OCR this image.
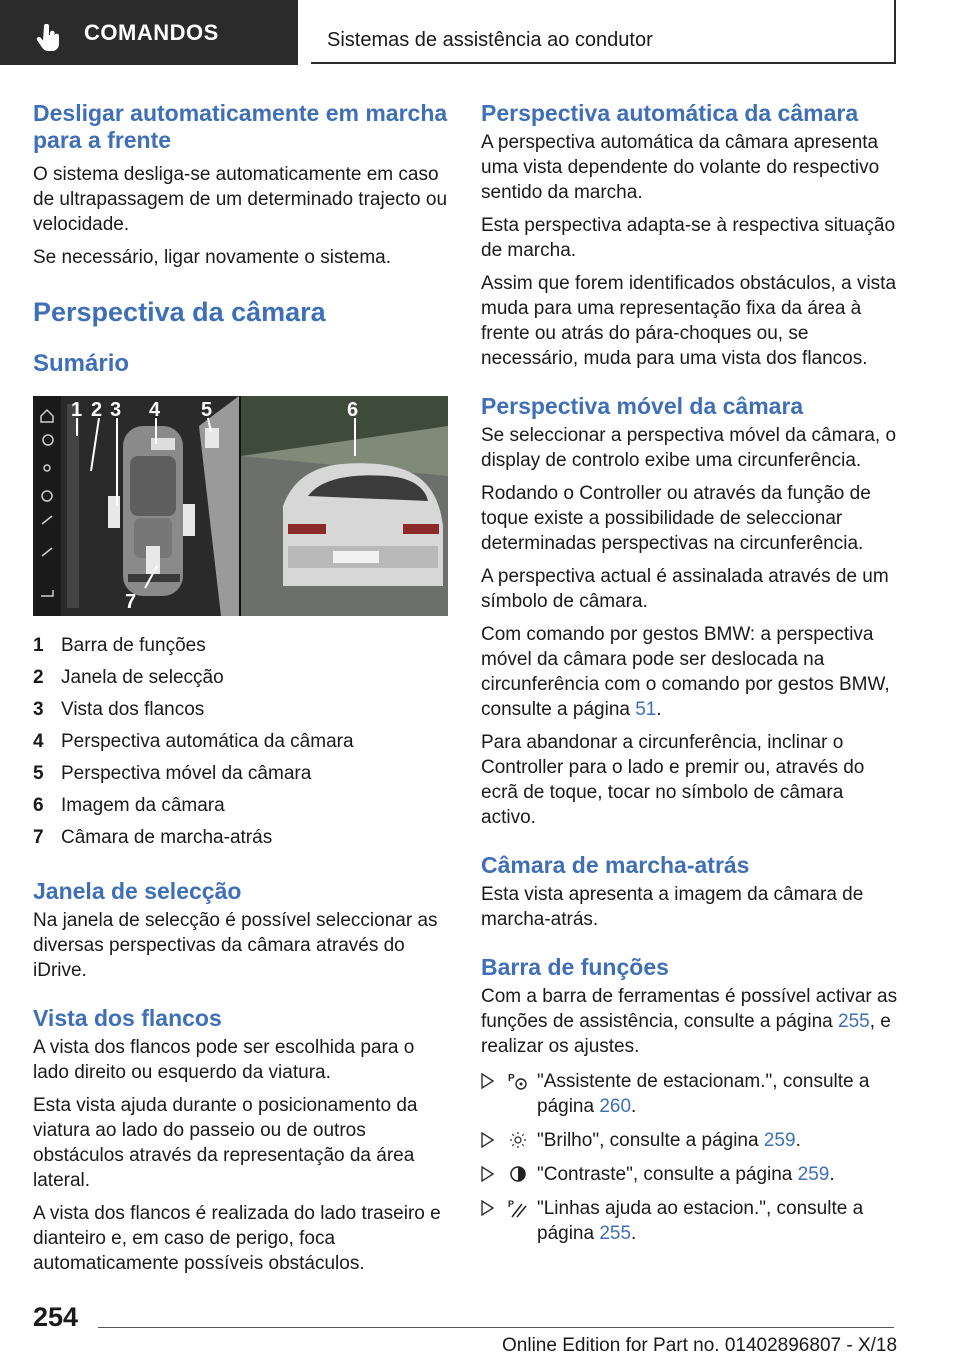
COMANDOS	Sistemas de assistência ao condutor
Desligar automaticamente em marcha para a frente

O sistema desliga-se automaticamente em caso de ultrapassagem de um determinado trajecto ou velocidade.

Se necessário, ligar novamente o sistema.

Perspectiva da câmara
Sumário
1 2 3 4 5	6
7
1 Barra de funções
2 Janela de selecção
3 Vista dos flancos
4 Perspectiva automática da câmara
5 Perspectiva móvel da câmara
6 Imagem da câmara
7 Câmara de marcha-atrás
Janela de selecção

Na janela de selecção é possível seleccionar as diversas perspectivas da câmara através do iDrive.

Vista dos flancos

A vista dos flancos pode ser escolhida para o lado direito ou esquerdo da viatura.

Esta vista ajuda durante o posicionamento da viatura ao lado do passeio ou de outros obstáculos através da representação da área lateral.

A vista dos flancos é realizada do lado traseiro e dianteiro e, em caso de perigo, foca automaticamente possíveis obstáculos.

Perspectiva automática da câmara

A perspectiva automática da câmara apresenta uma vista dependente do volante do respectivo sentido da marcha.

Esta perspectiva adapta-se à respectiva situação de marcha.

Assim que forem identificados obstáculos, a vista muda para uma representação fixa da área à frente ou atrás do pára-choques ou, se necessário, muda para uma vista dos flancos.

Perspectiva móvel da câmara

Se seleccionar a perspectiva móvel da câmara, o display de controlo exibe uma circunferência.

Rodando o Controller ou através da função de toque existe a possibilidade de seleccionar determinadas perspectivas na circunferência.

A perspectiva actual é assinalada através de um símbolo de câmara.

Com comando por gestos BMW: a perspectiva móvel da câmara pode ser deslocada na circunferência com o comando por gestos BMW, consulte a página 51.

Para abandonar a circunferência, inclinar o Controller para o lado e premir ou, através do ecrã de toque, tocar no símbolo de câmara activo.

Câmara de marcha-atrás

Esta vista apresenta a imagem da câmara de marcha-atrás.

Barra de funções

Com a barra de ferramentas é possível activar as funções de assistência, consulte a página 255, e realizar os ajustes.

P "Assistente de estacionam.", consulte a página 260.
"Brilho", consulte a página 259.
"Contraste", consulte a página 259.
P "Linhas ajuda ao estacion.", consulte a página 255.
254
Online Edition for Part no. 01402896807 - X/18
